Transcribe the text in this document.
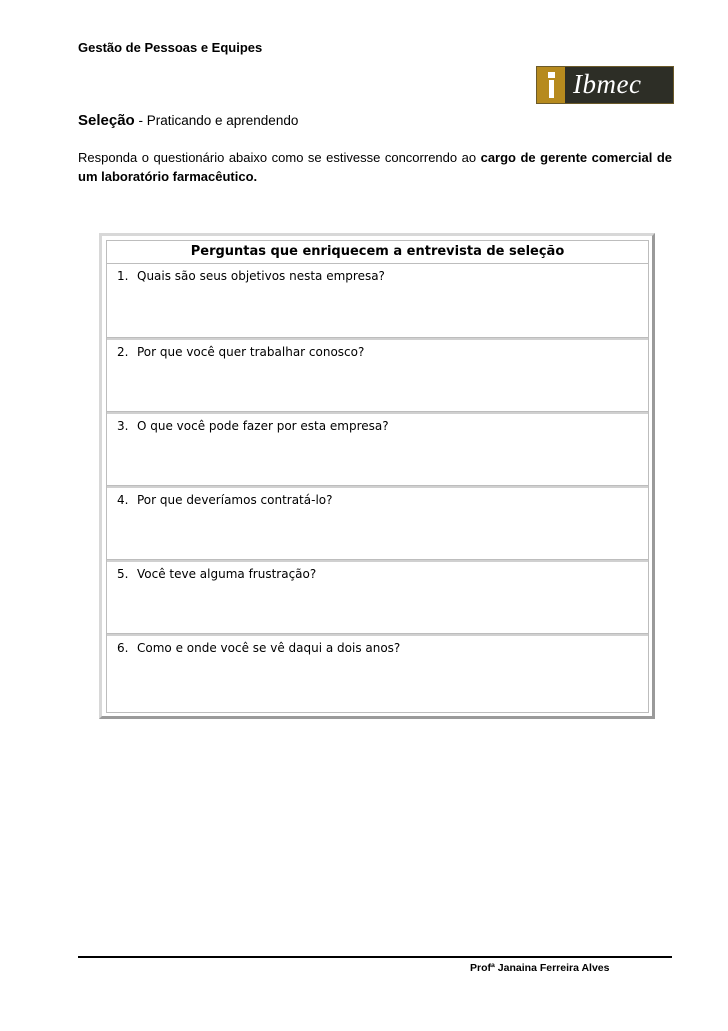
Gestão de Pessoas e Equipes
Ibmec
Seleção - Praticando e aprendendo
Responda o questionário abaixo como se estivesse concorrendo ao cargo de gerente comercial de um laboratório farmacêutico.
Perguntas que enriquecem a entrevista de seleção
1. Quais são seus objetivos nesta empresa?
2. Por que você quer trabalhar conosco?
3. O que você pode fazer por esta empresa?
4. Por que deveríamos contratá-lo?
5. Você teve alguma frustração?
6. Como e onde você se vê daqui a dois anos?
Profª Janaina Ferreira Alves
